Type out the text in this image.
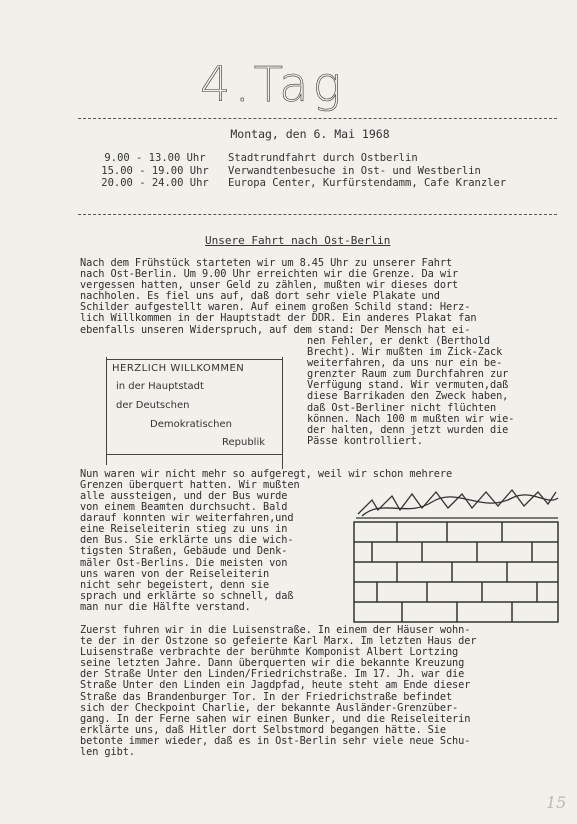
4.Tag
Montag, den 6. Mai 1968
9.00 - 13.00 Uhr	Stadtrundfahrt durch Ostberlin
15.00 - 19.00 Uhr	Verwandtenbesuche in Ost- und Westberlin
20.00 - 24.00 Uhr	Europa Center, Kurfürstendamm, Cafe Kranzler
Unsere Fahrt nach Ost-Berlin
Nach dem Frühstück starteten wir um 8.45 Uhr zu unserer Fahrt
nach Ost-Berlin. Um 9.00 Uhr erreichten wir die Grenze. Da wir
vergessen hatten, unser Geld zu zählen, mußten wir dieses dort
nachholen. Es fiel uns auf, daß dort sehr viele Plakate und
Schilder aufgestellt waren. Auf einem großen Schild stand: Herz-
lich Willkommen in der Hauptstadt der DDR. Ein anderes Plakat fan
ebenfalls unseren Widerspruch, auf dem stand: Der Mensch hat ei-
nen Fehler, er denkt (Berthold
Brecht). Wir mußten im Zick-Zack
weiterfahren, da uns nur ein be-
grenzter Raum zum Durchfahren zur
Verfügung stand. Wir vermuten,daß
diese Barrikaden den Zweck haben,
daß Ost-Berliner nicht flüchten
können. Nach 100 m mußten wir wie-
der halten, denn jetzt wurden die
Pässe kontrolliert.
HERZLICH WILLKOMMEN
in der Hauptstadt
der Deutschen
Demokratischen
Republik
Nun waren wir nicht mehr so aufgeregt, weil wir schon mehrere
Grenzen überquert hatten. Wir mußten
alle aussteigen, und der Bus wurde
von einem Beamten durchsucht. Bald
darauf konnten wir weiterfahren,und
eine Reiseleiterin stieg zu uns in
den Bus. Sie erklärte uns die wich-
tigsten Straßen, Gebäude und Denk-
mäler Ost-Berlins. Die meisten von
uns waren von der Reiseleiterin
nicht sehr begeistert, denn sie
sprach und erklärte so schnell, daß
man nur die Hälfte verstand.
Zuerst fuhren wir in die Luisenstraße. In einem der Häuser wohn-
te der in der Ostzone so gefeierte Karl Marx. Im letzten Haus der
Luisenstraße verbrachte der berühmte Komponist Albert Lortzing
seine letzten Jahre. Dann überquerten wir die bekannte Kreuzung
der Straße Unter den Linden/Friedrichstraße. Im 17. Jh. war die
Straße Unter den Linden ein Jagdpfad, heute steht am Ende dieser
Straße das Brandenburger Tor. In der Friedrichstraße befindet
sich der Checkpoint Charlie, der bekannte Ausländer-Grenzüber-
gang. In der Ferne sahen wir einen Bunker, und die Reiseleiterin
erklärte uns, daß Hitler dort Selbstmord begangen hätte. Sie
betonte immer wieder, daß es in Ost-Berlin sehr viele neue Schu-
len gibt.
15
